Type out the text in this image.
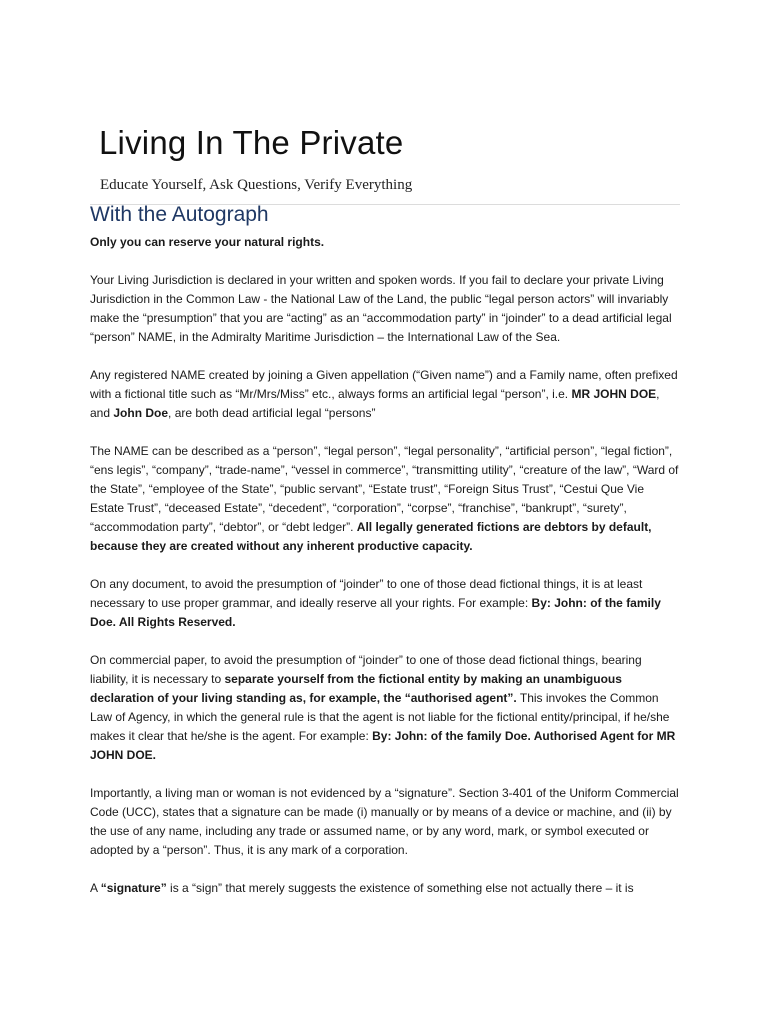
Living In The Private

Educate Yourself, Ask Questions, Verify Everything

With the Autograph

Only you can reserve your natural rights.

Your Living Jurisdiction is declared in your written and spoken words. If you fail to declare your private Living Jurisdiction in the Common Law - the National Law of the Land, the public “legal person actors” will invariably make the “presumption” that you are “acting” as an “accommodation party” in “joinder” to a dead artificial legal “person” NAME, in the Admiralty Maritime Jurisdiction – the International Law of the Sea.

Any registered NAME created by joining a Given appellation (“Given name”) and a Family name, often prefixed with a fictional title such as “Mr/Mrs/Miss” etc., always forms an artificial legal “person”, i.e. MR JOHN DOE, and John Doe, are both dead artificial legal “persons”

The NAME can be described as a “person”, “legal person”, “legal personality”, “artificial person”, “legal fiction”, “ens legis”, “company”, “trade-name”, “vessel in commerce”, “transmitting utility”, “creature of the law”, “Ward of the State”, “employee of the State”, “public servant”, “Estate trust”, “Foreign Situs Trust”, “Cestui Que Vie Estate Trust”, “deceased Estate”, “decedent”, “corporation”, “corpse”, “franchise”, “bankrupt”, “surety”, “accommodation party”, “debtor”, or “debt ledger”. All legally generated fictions are debtors by default, because they are created without any inherent productive capacity.

On any document, to avoid the presumption of “joinder” to one of those dead fictional things, it is at least necessary to use proper grammar, and ideally reserve all your rights. For example: By: John: of the family Doe. All Rights Reserved.

On commercial paper, to avoid the presumption of “joinder” to one of those dead fictional things, bearing liability, it is necessary to separate yourself from the fictional entity by making an unambiguous declaration of your living standing as, for example, the “authorised agent”. This invokes the Common Law of Agency, in which the general rule is that the agent is not liable for the fictional entity/principal, if he/she makes it clear that he/she is the agent. For example: By: John: of the family Doe. Authorised Agent for MR JOHN DOE.

Importantly, a living man or woman is not evidenced by a “signature”. Section 3-401 of the Uniform Commercial Code (UCC), states that a signature can be made (i) manually or by means of a device or machine, and (ii) by the use of any name, including any trade or assumed name, or by any word, mark, or symbol executed or adopted by a “person”. Thus, it is any mark of a corporation.

A “signature” is a “sign” that merely suggests the existence of something else not actually there – it is
